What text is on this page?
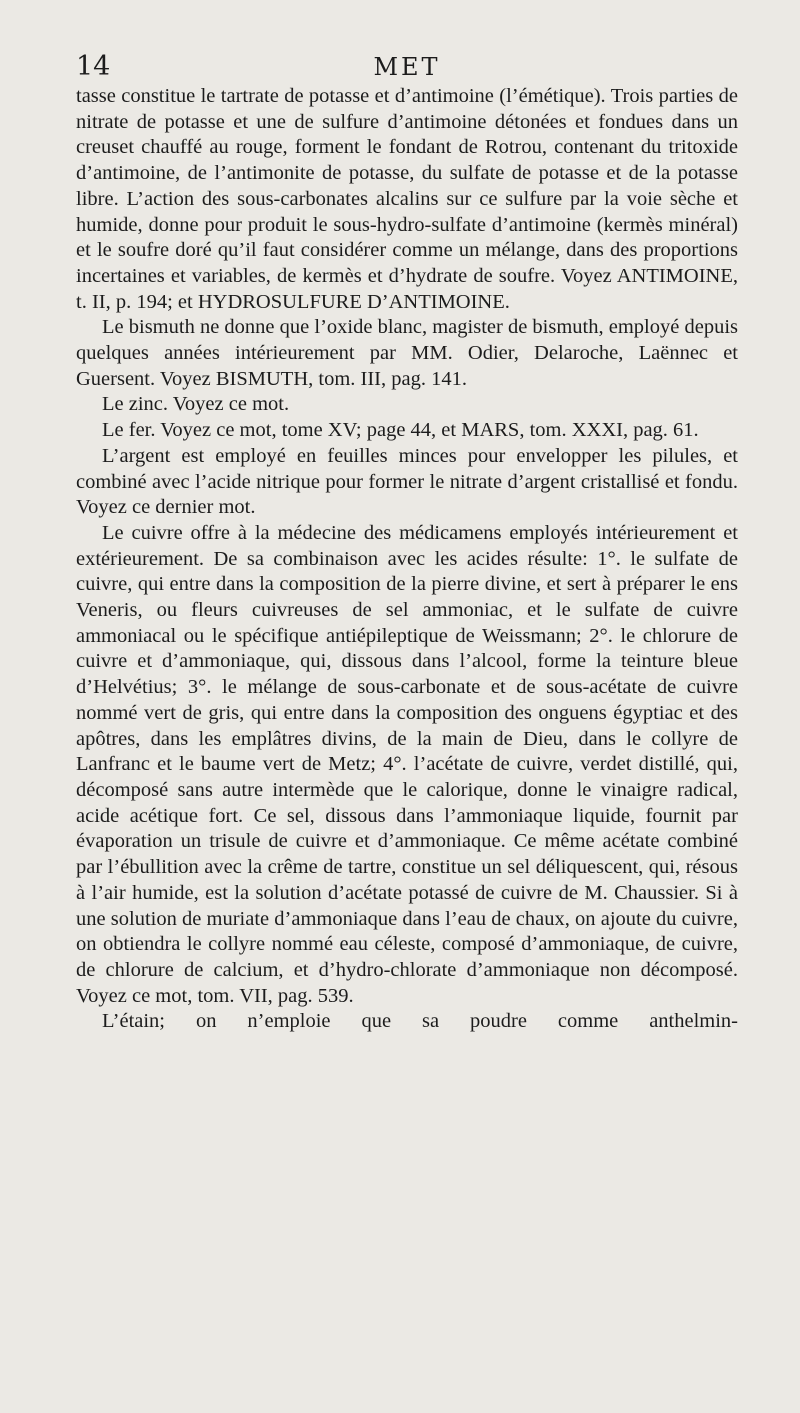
14	MET

tasse constitue le tartrate de potasse et d’antimoine (l’émétique). Trois parties de nitrate de potasse et une de sulfure d’antimoine détonées et fondues dans un creuset chauffé au rouge, forment le fondant de Rotrou, contenant du tritoxide d’antimoine, de l’antimonite de potasse, du sulfate de potasse et de la potasse libre. L’action des sous-carbonates alcalins sur ce sulfure par la voie sèche et humide, donne pour produit le sous-hydro-sulfate d’antimoine (kermès minéral) et le soufre doré qu’il faut considérer comme un mélange, dans des proportions incertaines et variables, de kermès et d’hydrate de soufre. Voyez ANTIMOINE, t. II, p. 194; et HYDROSULFURE D’ANTIMOINE.

Le bismuth ne donne que l’oxide blanc, magister de bismuth, employé depuis quelques années intérieurement par MM. Odier, Delaroche, Laënnec et Guersent. Voyez BISMUTH, tom. III, pag. 141.

Le zinc. Voyez ce mot.

Le fer. Voyez ce mot, tome XV; page 44, et MARS, tom. XXXI, pag. 61.

L’argent est employé en feuilles minces pour envelopper les pilules, et combiné avec l’acide nitrique pour former le nitrate d’argent cristallisé et fondu. Voyez ce dernier mot.

Le cuivre offre à la médecine des médicamens employés intérieurement et extérieurement. De sa combinaison avec les acides résulte: 1°. le sulfate de cuivre, qui entre dans la composition de la pierre divine, et sert à préparer le ens Veneris, ou fleurs cuivreuses de sel ammoniac, et le sulfate de cuivre ammoniacal ou le spécifique antiépileptique de Weissmann; 2°. le chlorure de cuivre et d’ammoniaque, qui, dissous dans l’alcool, forme la teinture bleue d’Helvétius; 3°. le mélange de sous-carbonate et de sous-acétate de cuivre nommé vert de gris, qui entre dans la composition des onguens égyptiac et des apôtres, dans les emplâtres divins, de la main de Dieu, dans le collyre de Lanfranc et le baume vert de Metz; 4°. l’acétate de cuivre, verdet distillé, qui, décomposé sans autre intermède que le calorique, donne le vinaigre radical, acide acétique fort. Ce sel, dissous dans l’ammoniaque liquide, fournit par évaporation un trisule de cuivre et d’ammoniaque. Ce même acétate combiné par l’ébullition avec la crême de tartre, constitue un sel déliquescent, qui, résous à l’air humide, est la solution d’acétate potassé de cuivre de M. Chaussier. Si à une solution de muriate d’ammoniaque dans l’eau de chaux, on ajoute du cuivre, on obtiendra le collyre nommé eau céleste, composé d’ammoniaque, de cuivre, de chlorure de calcium, et d’hydro-chlorate d’ammoniaque non décomposé. Voyez ce mot, tom. VII, pag. 539.

L’étain; on n’emploie que sa poudre comme anthelmin-
